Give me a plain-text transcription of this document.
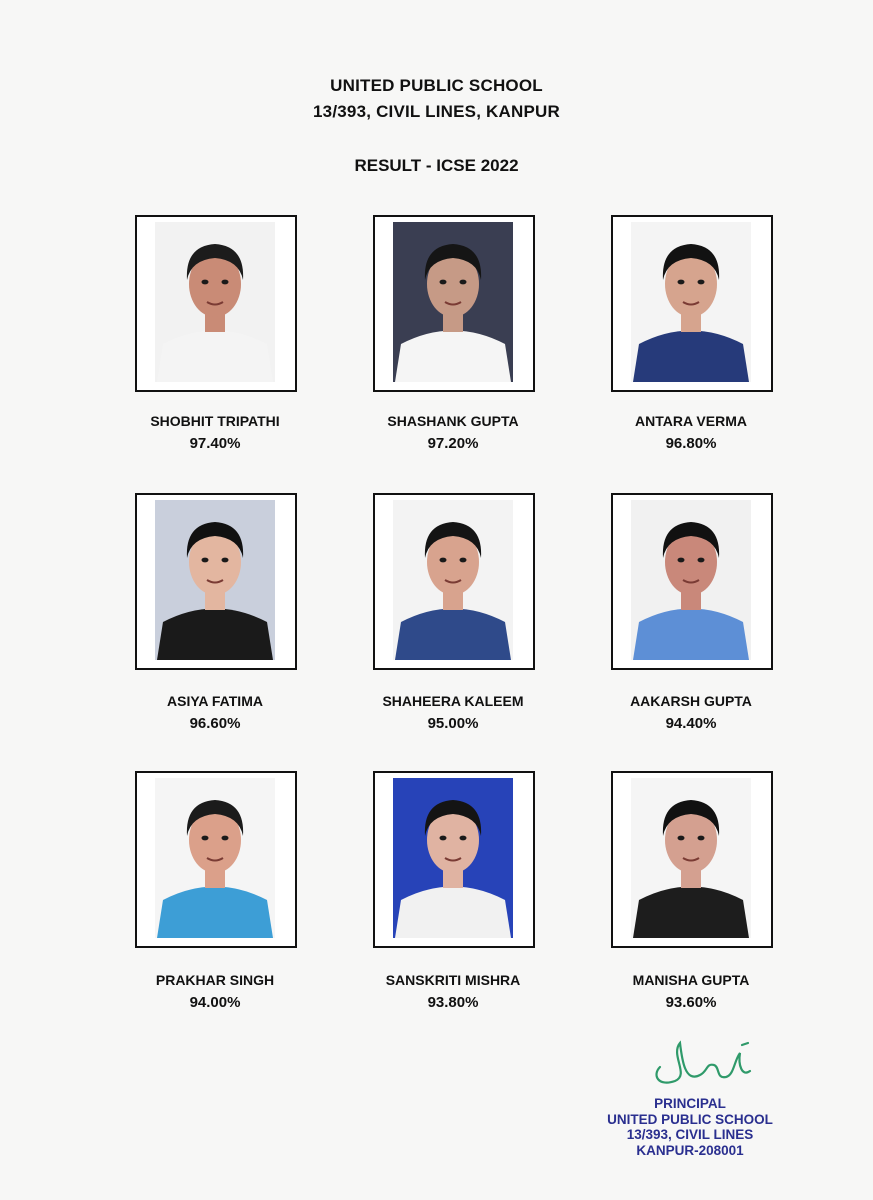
UNITED PUBLIC SCHOOL
13/393, CIVIL LINES, KANPUR
RESULT - ICSE 2022
SHOBHIT TRIPATHI
97.40%
SHASHANK GUPTA
97.20%
ANTARA VERMA
96.80%
ASIYA FATIMA
96.60%
SHAHEERA KALEEM
95.00%
AAKARSH GUPTA
94.40%
PRAKHAR SINGH
94.00%
SANSKRITI MISHRA
93.80%
MANISHA GUPTA
93.60%
PRINCIPAL
UNITED PUBLIC SCHOOL
13/393, CIVIL LINES
KANPUR-208001
